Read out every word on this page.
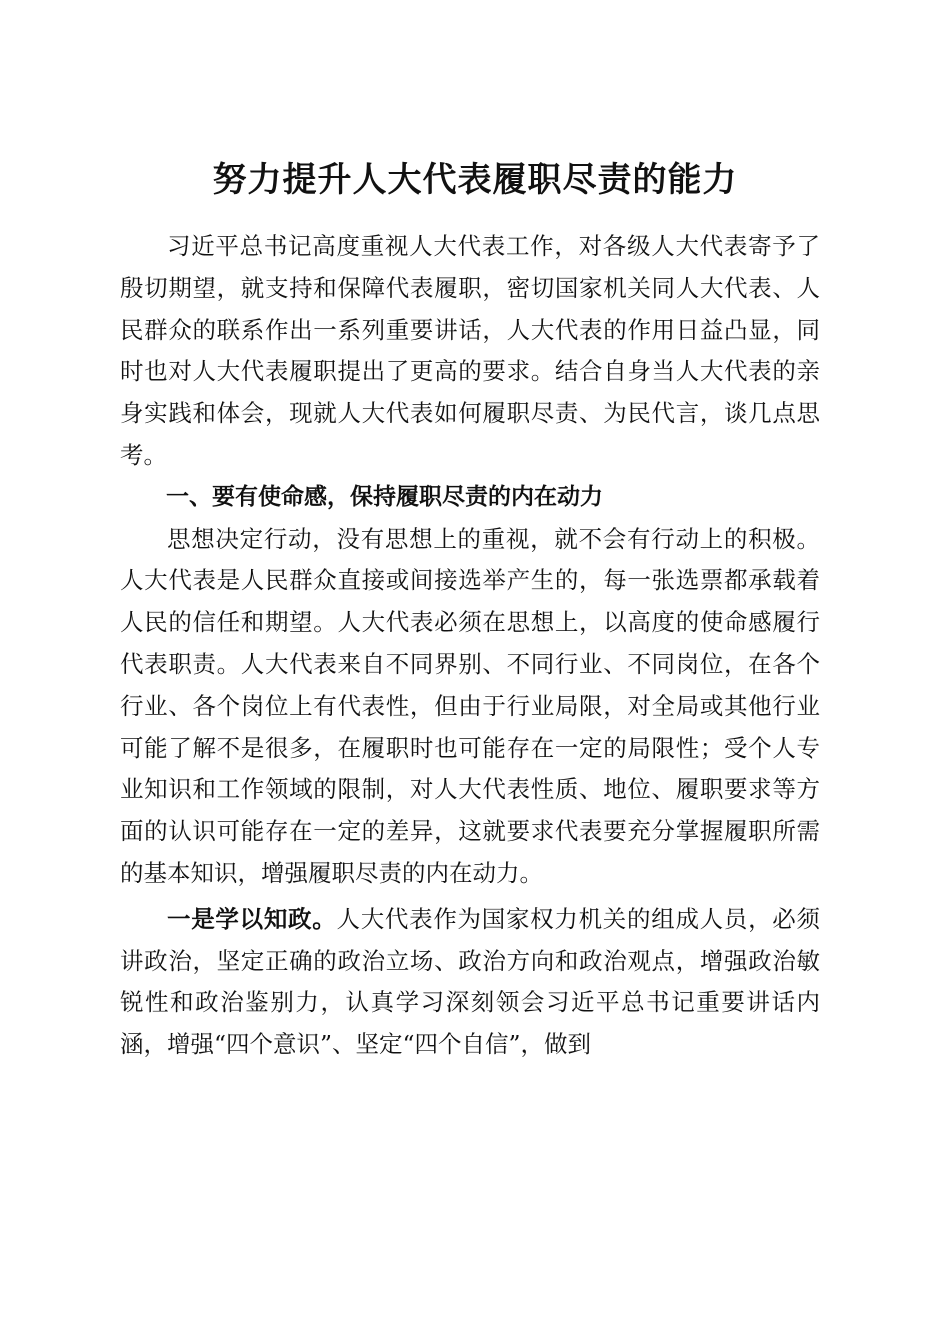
努力提升人大代表履职尽责的能力

习近平总书记高度重视人大代表工作，对各级人大代表寄予了殷切期望，就支持和保障代表履职，密切国家机关同人大代表、人民群众的联系作出一系列重要讲话，人大代表的作用日益凸显，同时也对人大代表履职提出了更高的要求。结合自身当人大代表的亲身实践和体会，现就人大代表如何履职尽责、为民代言，谈几点思考。

一、要有使命感，保持履职尽责的内在动力

思想决定行动，没有思想上的重视，就不会有行动上的积极。人大代表是人民群众直接或间接选举产生的，每一张选票都承载着人民的信任和期望。人大代表必须在思想上，以高度的使命感履行代表职责。人大代表来自不同界别、不同行业、不同岗位，在各个行业、各个岗位上有代表性，但由于行业局限，对全局或其他行业可能了解不是很多，在履职时也可能存在一定的局限性；受个人专业知识和工作领域的限制，对人大代表性质、地位、履职要求等方面的认识可能存在一定的差异，这就要求代表要充分掌握履职所需的基本知识，增强履职尽责的内在动力。

一是学以知政。人大代表作为国家权力机关的组成人员，必须讲政治，坚定正确的政治立场、政治方向和政治观点，增强政治敏锐性和政治鉴别力，认真学习深刻领会习近平总书记重要讲话内涵，增强“四个意识”、坚定“四个自信”，做到
